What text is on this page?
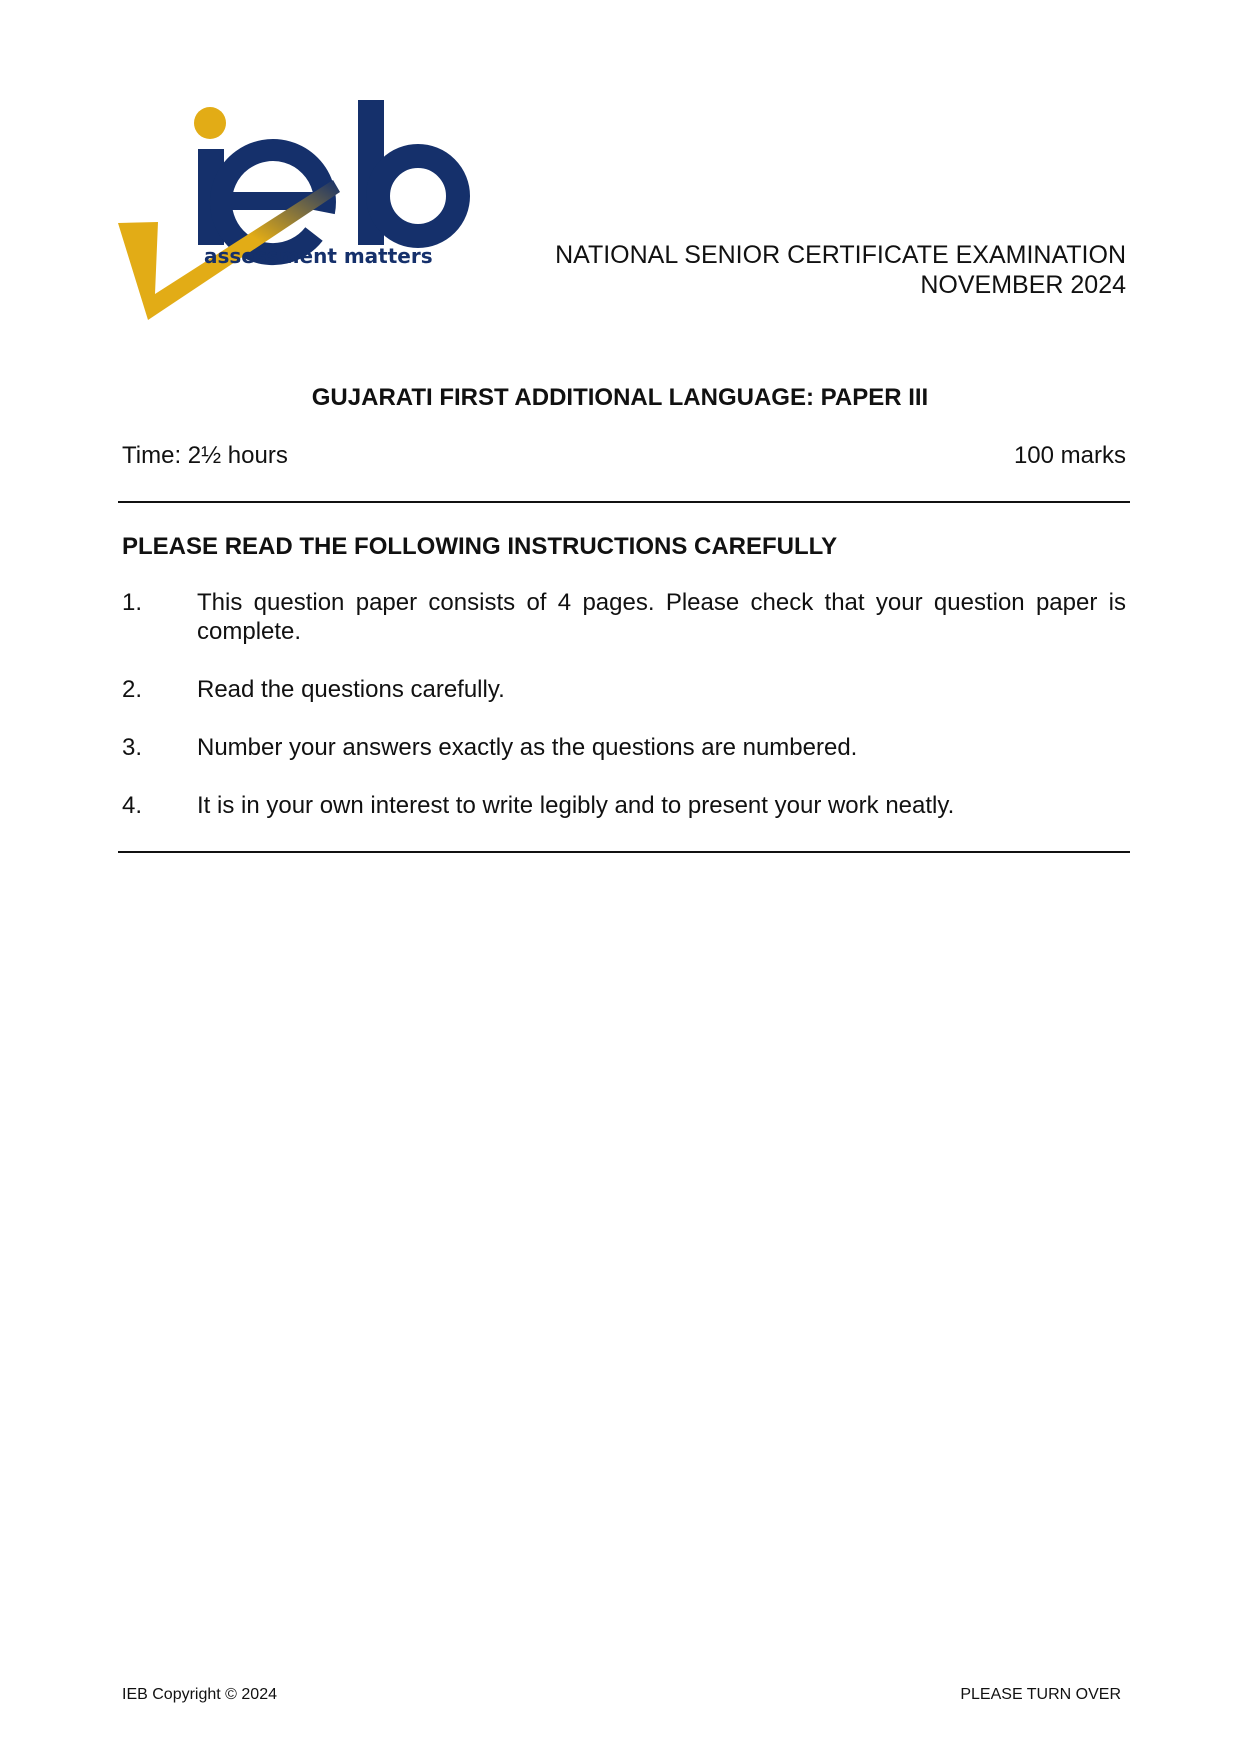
assessment matters	NATIONAL SENIOR CERTIFICATE EXAMINATION
NOVEMBER 2024
GUJARATI FIRST ADDITIONAL LANGUAGE: PAPER III
Time: 2½ hours	100 marks
PLEASE READ THE FOLLOWING INSTRUCTIONS CAREFULLY
1.	This question paper consists of 4 pages. Please check that your question paper is complete.
2.	Read the questions carefully.
3.	Number your answers exactly as the questions are numbered.
4.	It is in your own interest to write legibly and to present your work neatly.
IEB Copyright © 2024	PLEASE TURN OVER
